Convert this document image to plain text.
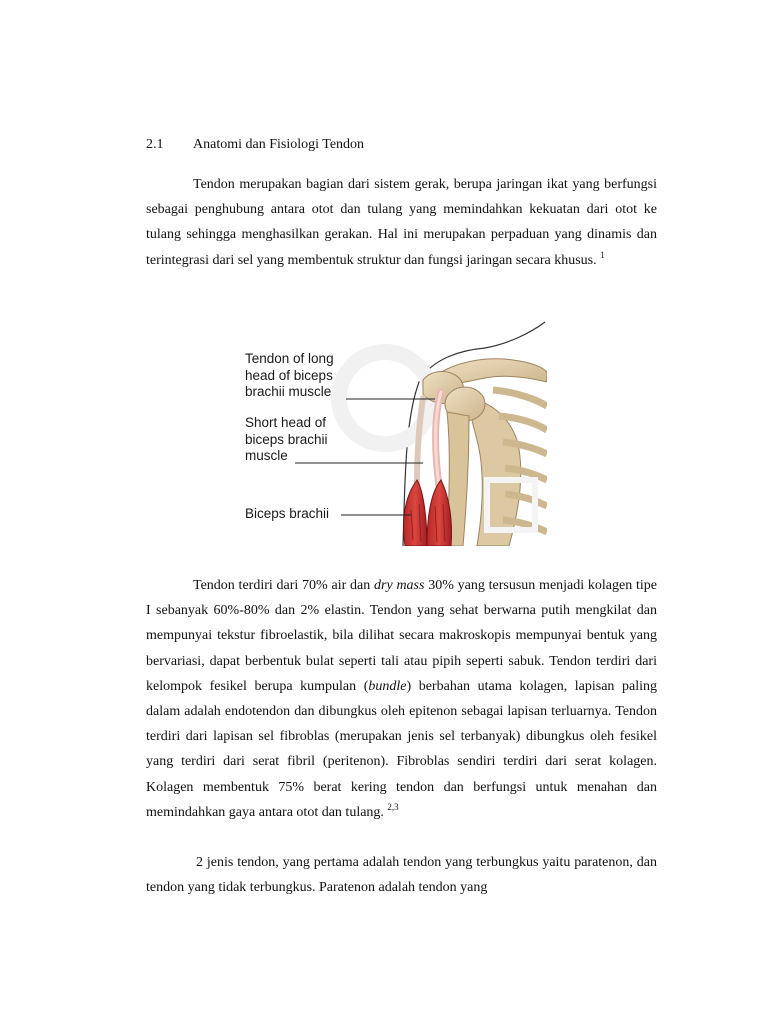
2.1 Anatomi dan Fisiologi Tendon

Tendon merupakan bagian dari sistem gerak, berupa jaringan ikat yang berfungsi sebagai penghubung antara otot dan tulang yang memindahkan kekuatan dari otot ke tulang sehingga menghasilkan gerakan. Hal ini merupakan perpaduan yang dinamis dan terintegrasi dari sel yang membentuk struktur dan fungsi jaringan secara khusus. $^1$

Tendon of long
head of biceps
brachii muscle
Short head of
biceps brachii
muscle
Biceps brachii

Tendon terdiri dari 70% air dan dry mass 30% yang tersusun menjadi kolagen tipe I sebanyak 60%-80% dan 2% elastin. Tendon yang sehat berwarna putih mengkilat dan mempunyai tekstur fibroelastik, bila dilihat secara makroskopis mempunyai bentuk yang bervariasi, dapat berbentuk bulat seperti tali atau pipih seperti sabuk. Tendon terdiri dari kelompok fesikel berupa kumpulan (bundle) berbahan utama kolagen, lapisan paling dalam adalah endotendon dan dibungkus oleh epitenon sebagai lapisan terluarnya. Tendon terdiri dari lapisan sel fibroblas (merupakan jenis sel terbanyak) dibungkus oleh fesikel yang terdiri dari serat fibril (peritenon). Fibroblas sendiri terdiri dari serat kolagen. Kolagen membentuk 75% berat kering tendon dan berfungsi untuk menahan dan memindahkan gaya antara otot dan tulang. $^{2,3}$

2 jenis tendon, yang pertama adalah tendon yang terbungkus yaitu paratenon, dan tendon yang tidak terbungkus. Paratenon adalah tendon yang
